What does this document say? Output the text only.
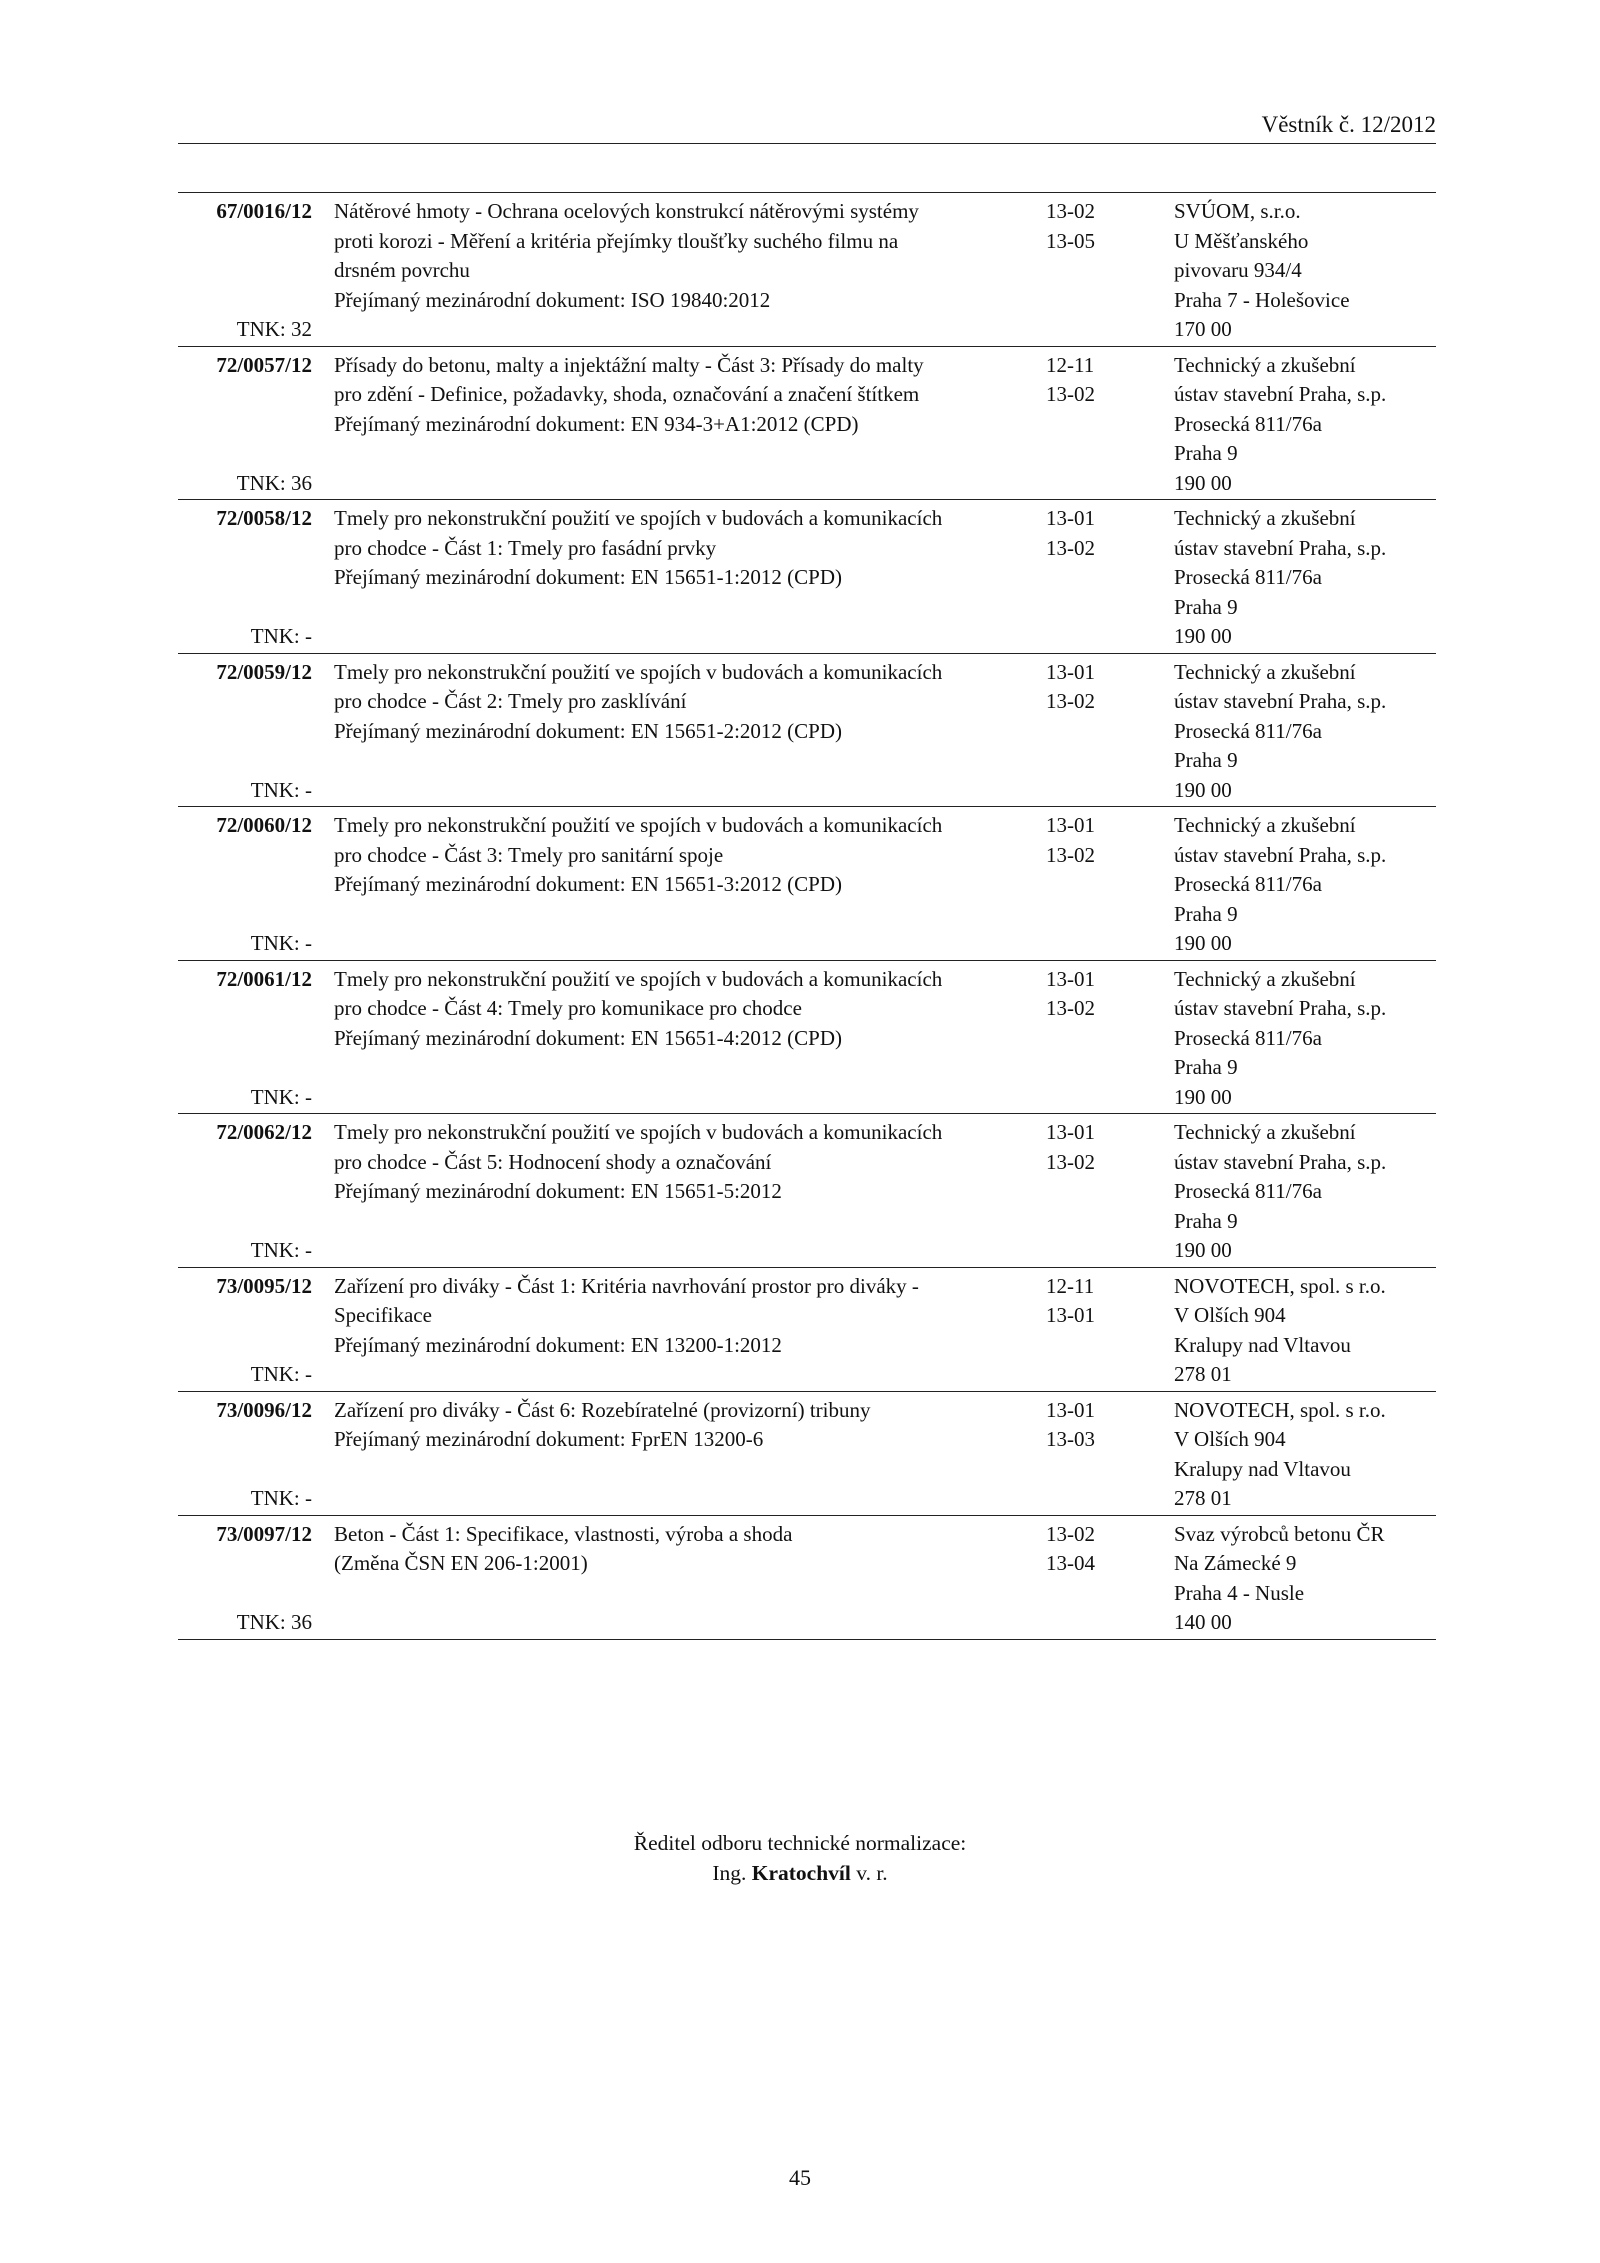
Věstník č. 12/2012
67/0016/12
TNK: 32
Nátěrové hmoty - Ochrana ocelových konstrukcí nátěrovými systémy
proti korozi - Měření a kritéria přejímky tloušťky suchého filmu na
drsném povrchu
Přejímaný mezinárodní dokument: ISO 19840:2012
13-02
13-05
SVÚOM, s.r.o.
U Měšťanského
pivovaru 934/4
Praha 7 - Holešovice
170 00
72/0057/12
TNK: 36
Přísady do betonu, malty a injektážní malty - Část 3: Přísady do malty
pro zdění - Definice, požadavky, shoda, označování a značení štítkem
Přejímaný mezinárodní dokument: EN 934-3+A1:2012 (CPD)
12-11
13-02
Technický a zkušební
ústav stavební Praha, s.p.
Prosecká 811/76a
Praha 9
190 00
72/0058/12
TNK: -
Tmely pro nekonstrukční použití ve spojích v budovách a komunikacích
pro chodce - Část 1: Tmely pro fasádní prvky
Přejímaný mezinárodní dokument: EN 15651-1:2012 (CPD)
13-01
13-02
Technický a zkušební
ústav stavební Praha, s.p.
Prosecká 811/76a
Praha 9
190 00
72/0059/12
TNK: -
Tmely pro nekonstrukční použití ve spojích v budovách a komunikacích
pro chodce - Část 2: Tmely pro zasklívání
Přejímaný mezinárodní dokument: EN 15651-2:2012 (CPD)
13-01
13-02
Technický a zkušební
ústav stavební Praha, s.p.
Prosecká 811/76a
Praha 9
190 00
72/0060/12
TNK: -
Tmely pro nekonstrukční použití ve spojích v budovách a komunikacích
pro chodce - Část 3: Tmely pro sanitární spoje
Přejímaný mezinárodní dokument: EN 15651-3:2012 (CPD)
13-01
13-02
Technický a zkušební
ústav stavební Praha, s.p.
Prosecká 811/76a
Praha 9
190 00
72/0061/12
TNK: -
Tmely pro nekonstrukční použití ve spojích v budovách a komunikacích
pro chodce - Část 4: Tmely pro komunikace pro chodce
Přejímaný mezinárodní dokument: EN 15651-4:2012 (CPD)
13-01
13-02
Technický a zkušební
ústav stavební Praha, s.p.
Prosecká 811/76a
Praha 9
190 00
72/0062/12
TNK: -
Tmely pro nekonstrukční použití ve spojích v budovách a komunikacích
pro chodce - Část 5: Hodnocení shody a označování
Přejímaný mezinárodní dokument: EN 15651-5:2012
13-01
13-02
Technický a zkušební
ústav stavební Praha, s.p.
Prosecká 811/76a
Praha 9
190 00
73/0095/12
TNK: -
Zařízení pro diváky - Část 1: Kritéria navrhování prostor pro diváky -
Specifikace
Přejímaný mezinárodní dokument: EN 13200-1:2012
12-11
13-01
NOVOTECH, spol. s r.o.
V Olších 904
Kralupy nad Vltavou
278 01
73/0096/12
TNK: -
Zařízení pro diváky - Část 6: Rozebíratelné (provizorní) tribuny
Přejímaný mezinárodní dokument: FprEN 13200-6
13-01
13-03
NOVOTECH, spol. s r.o.
V Olších 904
Kralupy nad Vltavou
278 01
73/0097/12
TNK: 36
Beton - Část 1: Specifikace, vlastnosti, výroba a shoda
(Změna ČSN EN 206-1:2001)
13-02
13-04
Svaz výrobců betonu ČR
Na Zámecké 9
Praha 4 - Nusle
140 00
Ředitel odboru technické normalizace:
Ing. Kratochvíl v. r.
45
